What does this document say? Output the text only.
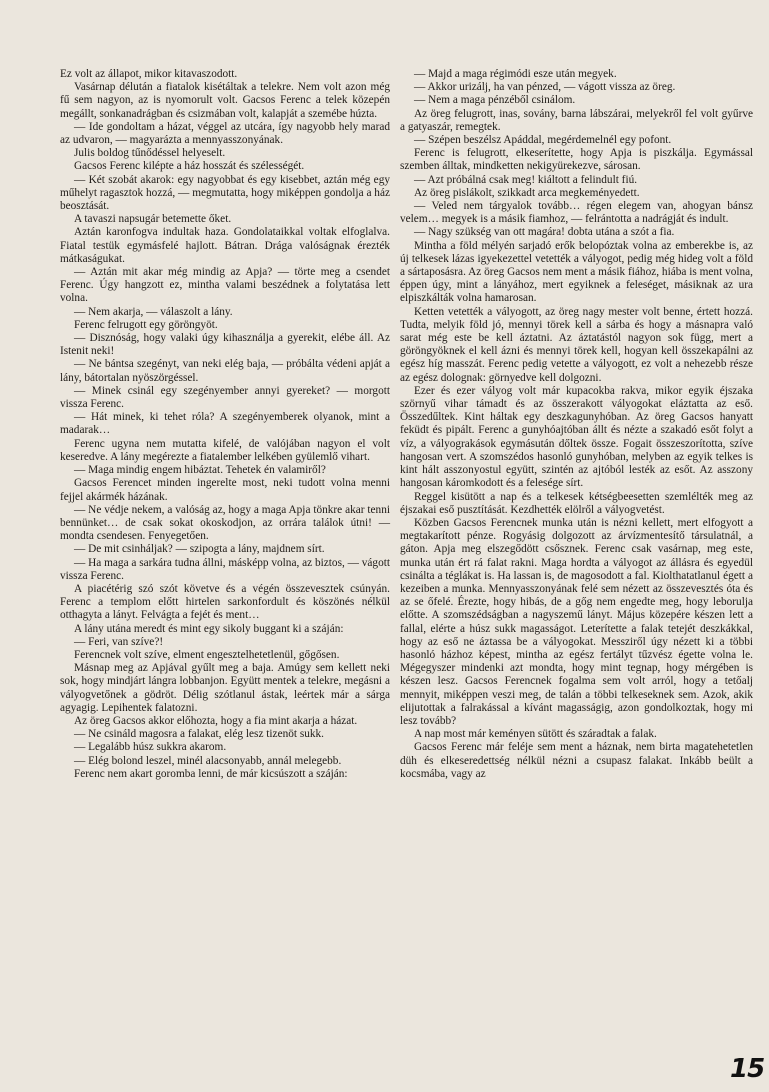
Ez volt az állapot, mikor kitavaszodott.

Vasárnap délután a fiatalok kisétáltak a telekre. Nem volt azon még fű sem nagyon, az is nyomorult volt. Gacsos Ferenc a telek közepén megállt, sonkanadrágban és csizmában volt, kalapját a szemébe húzta.

— Ide gondoltam a házat, véggel az utcára, így nagyobb hely marad az udvaron, — magyarázta a mennyasszonyának.

Julis boldog tűnődéssel helyeselt.

Gacsos Ferenc kilépte a ház hosszát és szélességét.

— Két szobát akarok: egy nagyobbat és egy kisebbet, aztán még egy műhelyt ragasztok hozzá, — megmutatta, hogy miképpen gondolja a ház beosztását.

A tavaszi napsugár betemette őket.

Aztán karonfogva indultak haza. Gondolataikkal voltak elfoglalva. Fiatal testük egymásfelé hajlott. Bátran. Drága valóságnak érezték mátkaságukat.

— Aztán mit akar még mindig az Apja? — törte meg a csendet Ferenc. Úgy hangzott ez, mintha valami beszédnek a folytatása lett volna.

— Nem akarja, — válaszolt a lány.

Ferenc felrugott egy göröngyöt.

— Disznóság, hogy valaki úgy kihasználja a gyerekit, elébe áll. Az Istenit neki!

— Ne bántsa szegényt, van neki elég baja, — próbálta védeni apját a lány, bátortalan nyöszörgéssel.

— Minek csinál egy szegényember annyi gyereket? — morgott vissza Ferenc.

— Hát minek, ki tehet róla? A szegényemberek olyanok, mint a madarak…

Ferenc ugyna nem mutatta kifelé, de valójában nagyon el volt keseredve. A lány megérezte a fiatalember lelkében gyülemlő vihart.

— Maga mindig engem hibáztat. Tehetek én valamiről?

Gacsos Ferencet minden ingerelte most, neki tudott volna menni fejjel akármék házának.

— Ne védje nekem, a valóság az, hogy a maga Apja tönkre akar tenni bennünket… de csak sokat okoskodjon, az orrára találok útni! — mondta csendesen. Fenyegetően.

— De mit csinháljak? — szipogta a lány, majdnem sírt.

— Ha maga a sarkára tudna állni, másképp volna, az biztos, — vágott vissza Ferenc.

A piacétérig szó szót követve és a végén összevesztek csúnyán. Ferenc a templom előtt hirtelen sarkonfordult és köszönés nélkül otthagyta a lányt. Felvágta a fejét és ment…

A lány utána meredt és mint egy sikoly buggant ki a száján:

— Feri, van szíve?!

Ferencnek volt szíve, elment engesztelhetetlenül, gőgősen.

Másnap meg az Apjával gyűlt meg a baja. Amúgy sem kellett neki sok, hogy mindjárt lángra lobbanjon. Együtt mentek a telekre, megásni a vályogvetőnek a gödröt. Délig szótlanul ástak, leértek már a sárga agyagig. Lepihentek falatozni.

Az öreg Gacsos akkor előhozta, hogy a fia mint akarja a házat.

— Ne csináld magosra a falakat, elég lesz tizenöt sukk.

— Legalább húsz sukkra akarom.

— Elég bolond leszel, minél alacsonyabb, annál melegebb.

Ferenc nem akart goromba lenni, de már kicsúszott a száján:

— Majd a maga régimódi esze után megyek.

— Akkor urizálj, ha van pénzed, — vágott vissza az öreg.

— Nem a maga pénzéből csinálom.

Az öreg felugrott, inas, sovány, barna lábszárai, melyekről fel volt gyűrve a gatyaszár, remegtek.

— Szépen beszélsz Apáddal, megérdemelnél egy pofont.

Ferenc is felugrott, elkeserítette, hogy Apja is piszkálja. Egymással szemben álltak, mindketten nekigyürekezve, sárosan.

— Azt próbálná csak meg! kiáltott a felindult fiú.

Az öreg pislákolt, szikkadt arca megkeményedett.

— Veled nem tárgyalok tovább… régen elegem van, ahogyan bánsz velem… megyek is a másik fiamhoz, — felrántotta a nadrágját és indult.

— Nagy szükség van ott magára! dobta utána a szót a fia.

Mintha a föld mélyén sarjadó erők belopóztak volna az emberekbe is, az új telkesek lázas igyekezettel vetették a vályogot, pedig még hideg volt a föld a sártaposásra. Az öreg Gacsos nem ment a másik fiához, hiába is ment volna, éppen úgy, mint a lányához, mert egyiknek a feleséget, másiknak az ura elpiszkálták volna hamarosan.

Ketten vetették a vályogott, az öreg nagy mester volt benne, értett hozzá. Tudta, melyik föld jó, mennyi törek kell a sárba és hogy a másnapra való sarat még este be kell áztatni. Az áztatástól nagyon sok függ, mert a göröngyöknek el kell ázni és mennyi törek kell, hogyan kell összekapálni az egész híg masszát. Ferenc pedig vetette a vályogott, ez volt a nehezebb része az egész dolognak: görnyedve kell dolgozni.

Ezer és ezer vályog volt már kupacokba rakva, mikor egyik éjszaka szörnyű vihar támadt és az összerakott vályogokat eláztatta az eső. Összedűltek. Kint háltak egy deszkagunyhóban. Az öreg Gacsos hanyatt feküdt és pipált. Ferenc a gunyhóajtóban állt és nézte a szakadó esőt folyt a víz, a vályograkások egymásután dőltek össze. Fogait összeszorította, szíve hangosan vert. A szomszédos hasonló gunyhóban, melyben az egyik telkes is kint hált asszonyostul együtt, szintén az ajtóból lesték az esőt. Az asszony hangosan káromkodott és a felesége sírt.

Reggel kisütött a nap és a telkesek kétségbeesetten szemlélték meg az éjszakai eső pusztítását. Kezdhették elölről a vályogvetést.

Közben Gacsos Ferencnek munka után is nézni kellett, mert elfogyott a megtakarított pénze. Rogyásig dolgozott az árvízmentesítő társulatnál, a gáton. Apja meg elszegődött csősznek. Ferenc csak vasárnap, meg este, munka után ért rá falat rakni. Maga hordta a vályogot az állásra és egyedül csinálta a téglákat is. Ha lassan is, de magosodott a fal. Kiolthatatlanul égett a kezeiben a munka. Mennyasszonyának felé sem nézett az összevesztés óta és az se őfelé. Érezte, hogy hibás, de a gőg nem engedte meg, hogy leborulja előtte. A szomszédságban a nagyszemű lányt. Május közepére készen lett a fallal, elérte a húsz sukk magasságot. Leterítette a falak tetejét deszkákkal, hogy az eső ne áztassa be a vályogokat. Messziről úgy nézett ki a többi hasonló házhoz képest, mintha az egész fertályt tűzvész égette volna le. Mégegyszer mindenki azt mondta, hogy mint tegnap, hogy mérgében is készen lesz. Gacsos Ferencnek fogalma sem volt arról, hogy a tetőalj mennyit, miképpen veszi meg, de talán a többi telkeseknek sem. Azok, akik elijutottak a falrakással a kívánt magasságig, azon gondolkoztak, hogy mi lesz tovább?

A nap most már keményen sütött és száradtak a falak.

Gacsos Ferenc már feléje sem ment a háznak, nem birta magatehetetlen düh és elkeseredettség nélkül nézni a csupasz falakat. Inkább beült a kocsmába, vagy az

15
